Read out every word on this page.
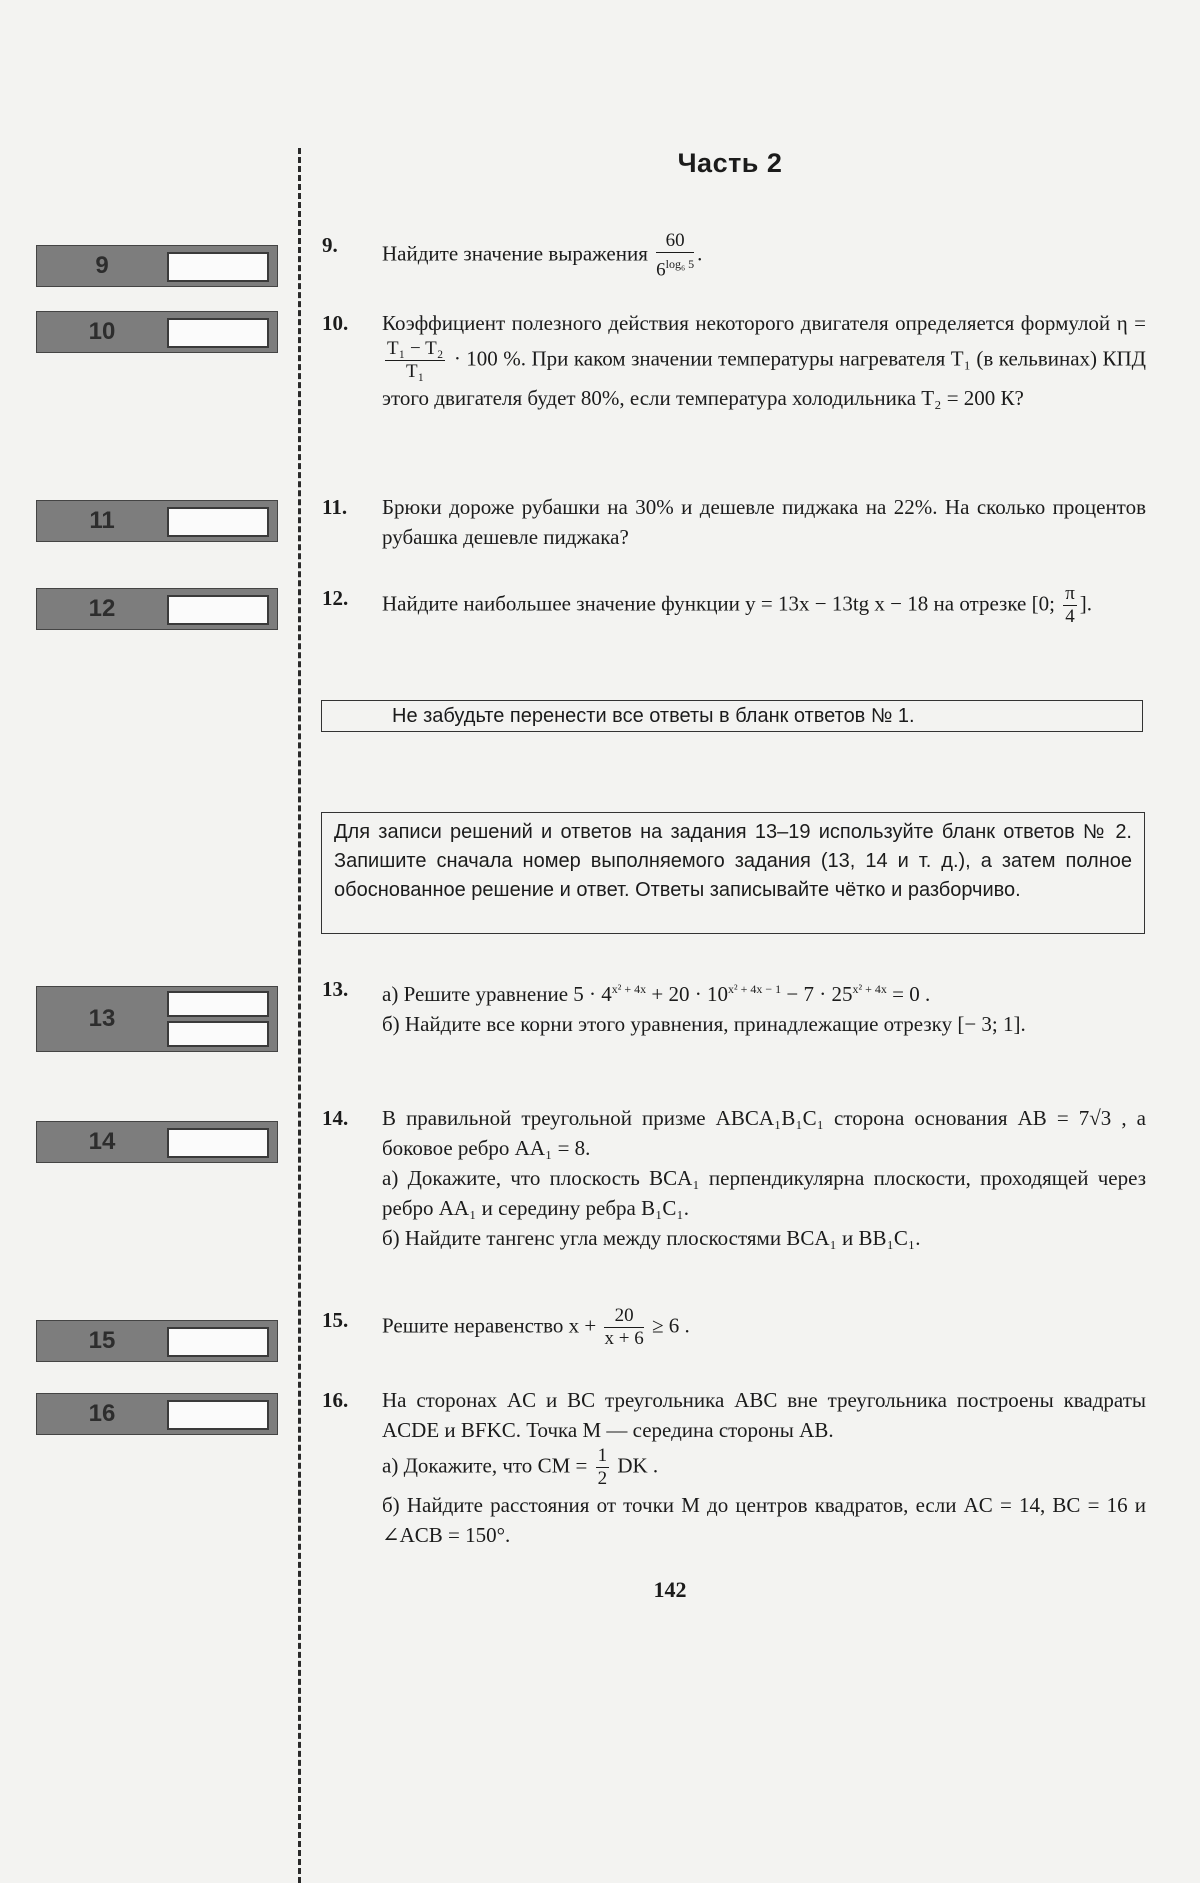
Часть 2
9
10
11
12
13
14
15
16
9. Найдите значение выражения $\frac{60}{6^{log_6 5}}$ .
10. Коэффициент полезного действия некоторого двигателя определяется формулой η =
$\frac{\text{T₁ − T₂}}{\text{T₁}} \cdot 100$ %. При каком значении температуры нагревателя T₁ (в кельвинах) КПД этого двигателя будет 80%, если температура холодильника T₂ = 200 К?
11. Брюки дороже рубашки на 30% и дешевле пиджака на 22%. На сколько процентов рубашка дешевле пиджака?
12. Найдите наибольшее значение функции y = 13x − 13tg x − 18 на отрезке [0; $\frac{\pi}{4}$ ].
Не забудьте перенести все ответы в бланк ответов № 1.
Для записи решений и ответов на задания 13–19 используйте бланк ответов № 2. Запишите сначала номер выполняемого задания (13, 14 и т. д.), а затем полное обоснованное решение и ответ. Ответы записывайте чётко и разборчиво.
13. а) Решите уравнение $5 \cdot 4^{x^2 + 4x} + 20 \cdot 10^{x^2 + 4x - 1} - 7 \cdot 25^{x^2 + 4x} = 0$ .
б) Найдите все корни этого уравнения, принадлежащие отрезку [− 3; 1].
14. В правильной треугольной призме ABCA₁B₁C₁ сторона основания AB = 7√3 , а боковое ребро AA₁ = 8.
а) Докажите, что плоскость BCA₁ перпендикулярна плоскости, проходящей через ребро AA₁ и середину ребра B₁C₁.
б) Найдите тангенс угла между плоскостями BCA₁ и BB₁C₁.
15. Решите неравенство $x + \frac{20}{x + 6} \ge 6$ .
16. На сторонах AC и BC треугольника ABC вне треугольника построены квадраты ACDE и BFKC. Точка M — середина стороны AB.
а) Докажите, что CM = $\frac{1}{2}$ DK .
б) Найдите расстояния от точки M до центров квадратов, если AC = 14, BC = 16 и ∠ACB = 150°.
142
